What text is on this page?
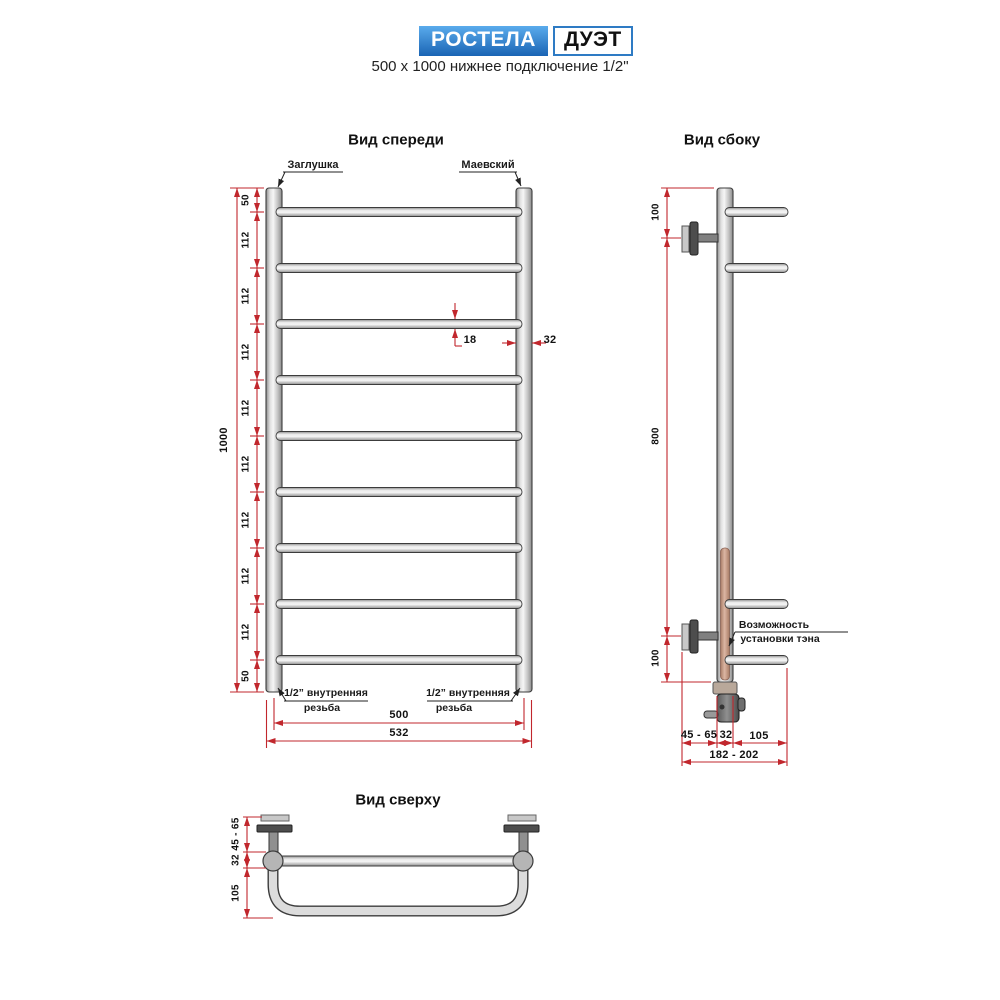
РОСТЕЛА	ДУЭТ
500 x 1000 нижнее подключение 1/2"
Вид спереди
Заглушка	Маевский
1/2” внутренняя
резьба
1/2” внутренняя
резьба
1000
50
112
112
112
112
112
112
112
112
50
18	32
500
532
Вид сбоку
100
800
100
Возможность
установки тэна
45 - 65 32 105
182 - 202
Вид сверху
45 - 65
32
105
